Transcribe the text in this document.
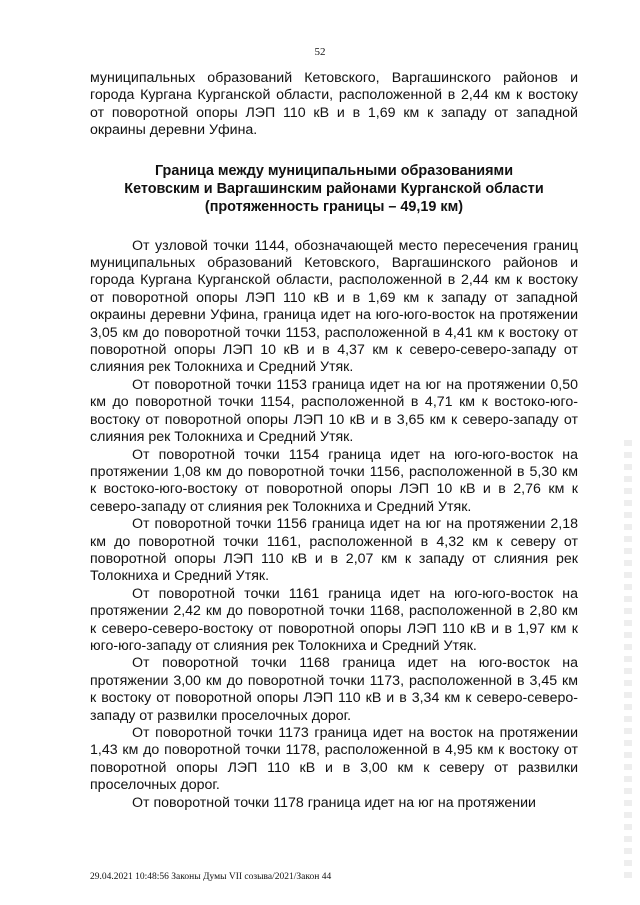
52

муниципальных образований Кетовского, Варгашинского районов и города Кургана Курганской области, расположенной в 2,44 км к востоку от поворотной опоры ЛЭП 110 кВ и в 1,69 км к западу от западной окраины деревни Уфина.

Граница между муниципальными образованиями
Кетовским и Варгашинским районами Курганской области
(протяженность границы – 49,19 км)

От узловой точки 1144, обозначающей место пересечения границ муниципальных образований Кетовского, Варгашинского районов и города Кургана Курганской области, расположенной в 2,44 км к востоку от поворотной опоры ЛЭП 110 кВ и в 1,69 км к западу от западной окраины деревни Уфина, граница идет на юго-юго-восток на протяжении 3,05 км до поворотной точки 1153, расположенной в 4,41 км к востоку от поворотной опоры ЛЭП 10 кВ и в 4,37 км к северо-северо-западу от слияния рек Толокниха и Средний Утяк.

От поворотной точки 1153 граница идет на юг на протяжении 0,50 км до поворотной точки 1154, расположенной в 4,71 км к востоко-юго-востоку от поворотной опоры ЛЭП 10 кВ и в 3,65 км к северо-западу от слияния рек Толокниха и Средний Утяк.

От поворотной точки 1154 граница идет на юго-юго-восток на протяжении 1,08 км до поворотной точки 1156, расположенной в 5,30 км к востоко-юго-востоку от поворотной опоры ЛЭП 10 кВ и в 2,76 км к северо-западу от слияния рек Толокниха и Средний Утяк.

От поворотной точки 1156 граница идет на юг на протяжении 2,18 км до поворотной точки 1161, расположенной в 4,32 км к северу от поворотной опоры ЛЭП 110 кВ и в 2,07 км к западу от слияния рек Толокниха и Средний Утяк.

От поворотной точки 1161 граница идет на юго-юго-восток на протяжении 2,42 км до поворотной точки 1168, расположенной в 2,80 км к северо-северо-востоку от поворотной опоры ЛЭП 110 кВ и в 1,97 км к юго-юго-западу от слияния рек Толокниха и Средний Утяк.

От поворотной точки 1168 граница идет на юго-восток на протяжении 3,00 км до поворотной точки 1173, расположенной в 3,45 км к востоку от поворотной опоры ЛЭП 110 кВ и в 3,34 км к северо-северо-западу от развилки проселочных дорог.

От поворотной точки 1173 граница идет на восток на протяжении 1,43 км до поворотной точки 1178, расположенной в 4,95 км к востоку от поворотной опоры ЛЭП 110 кВ и в 3,00 км к северу от развилки проселочных дорог.

От поворотной точки 1178 граница идет на юг на протяжении

29.04.2021 10:48:56 Законы Думы VII созыва/2021/Закон 44
